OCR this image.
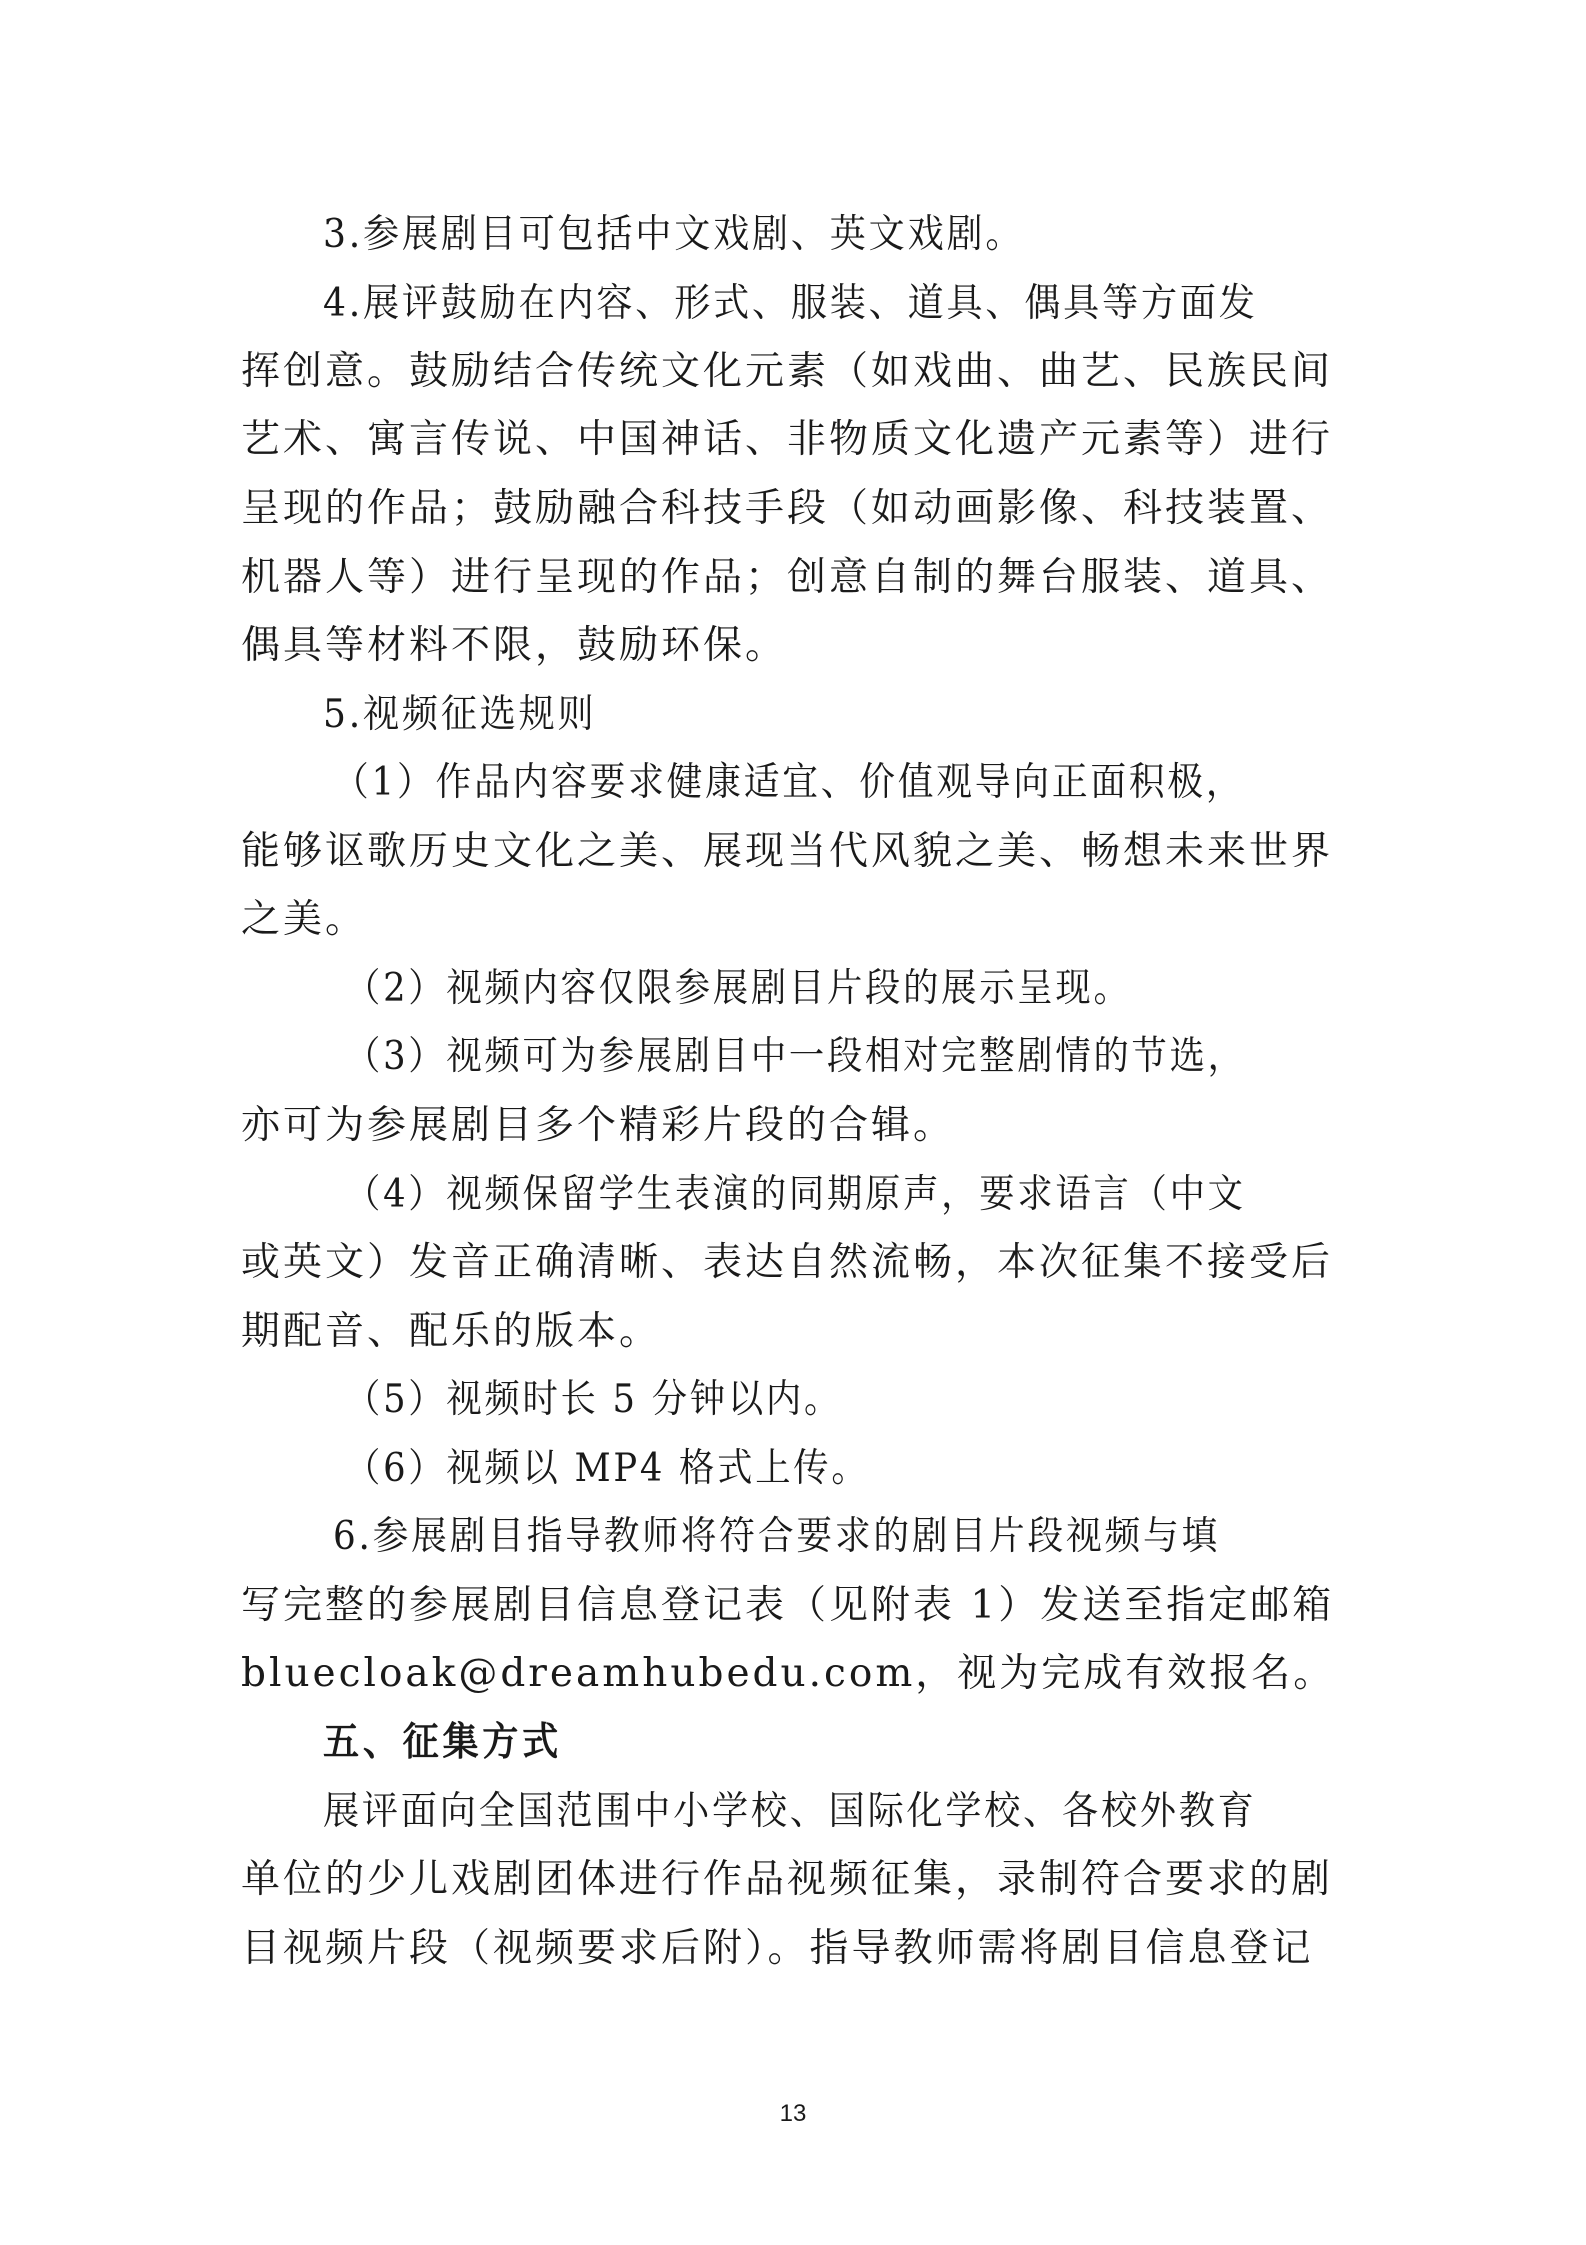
3.参展剧目可包括中文戏剧、英文戏剧。
4.展评鼓励在内容、形式、服装、道具、偶具等方面发
挥创意。鼓励结合传统文化元素（如戏曲、曲艺、民族民间
艺术、寓言传说、中国神话、非物质文化遗产元素等）进行
呈现的作品；鼓励融合科技手段（如动画影像、科技装置、
机器人等）进行呈现的作品；创意自制的舞台服装、道具、
偶具等材料不限，鼓励环保。
5.视频征选规则
（1）作品内容要求健康适宜、价值观导向正面积极，
能够讴歌历史文化之美、展现当代风貌之美、畅想未来世界
之美。
（2）视频内容仅限参展剧目片段的展示呈现。
（3）视频可为参展剧目中一段相对完整剧情的节选，
亦可为参展剧目多个精彩片段的合辑。
（4）视频保留学生表演的同期原声，要求语言（中文
或英文）发音正确清晰、表达自然流畅，本次征集不接受后
期配音、配乐的版本。
（5）视频时长 5 分钟以内。
（6）视频以 MP4 格式上传。
6.参展剧目指导教师将符合要求的剧目片段视频与填
写完整的参展剧目信息登记表（见附表 1）发送至指定邮箱
bluecloak@dreamhubedu.com，视为完成有效报名。
五、征集方式
展评面向全国范围中小学校、国际化学校、各校外教育
单位的少儿戏剧团体进行作品视频征集，录制符合要求的剧
目视频片段（视频要求后附）。指导教师需将剧目信息登记
13
